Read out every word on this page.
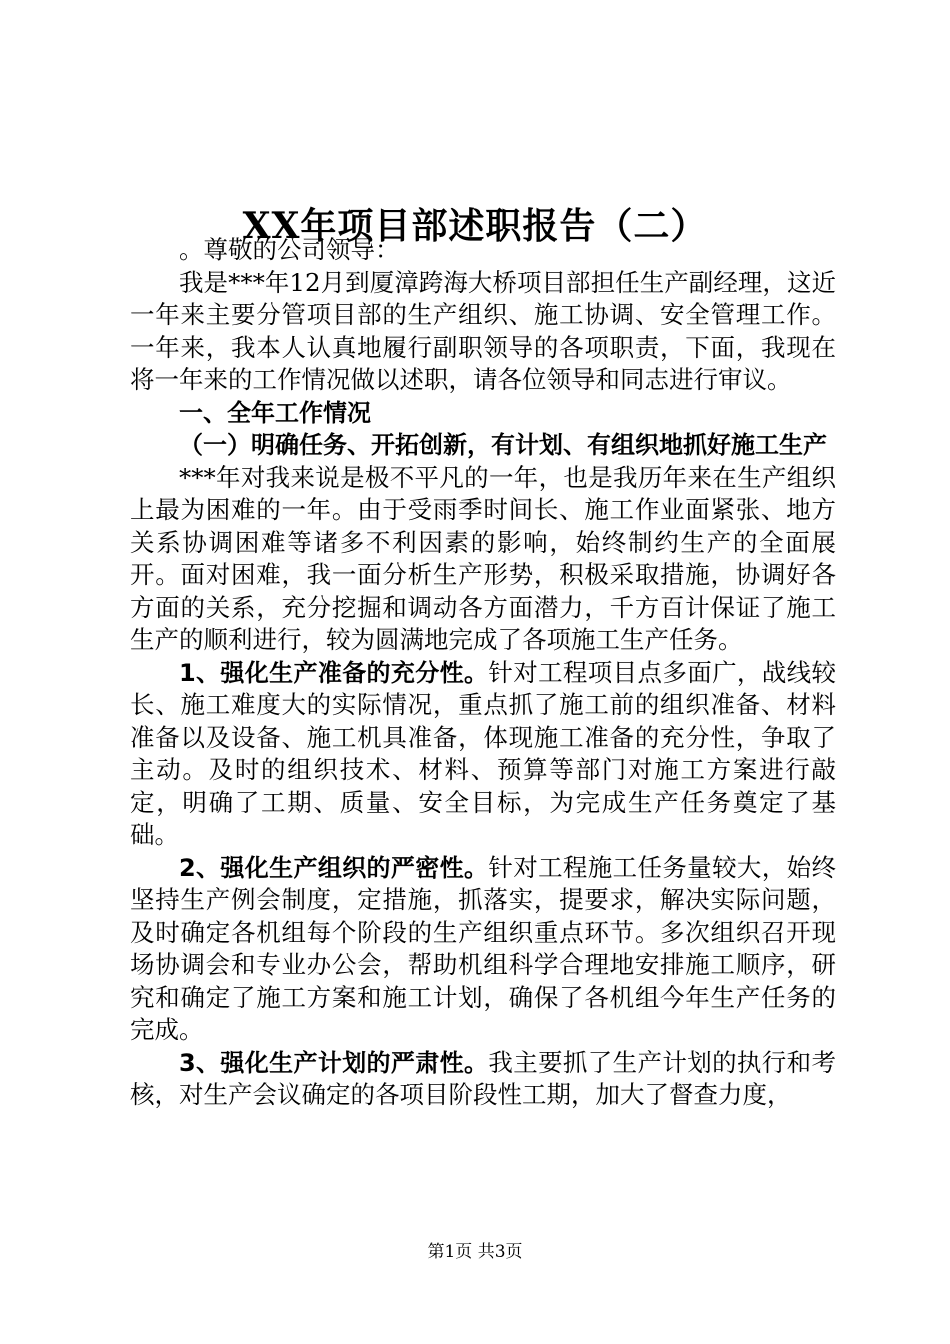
XX年项目部述职报告（二）

。尊敬的公司领导：

我是***年12月到厦漳跨海大桥项目部担任生产副经理，这近一年来主要分管项目部的生产组织、施工协调、安全管理工作。一年来，我本人认真地履行副职领导的各项职责，下面，我现在将一年来的工作情况做以述职，请各位领导和同志进行审议。

一、全年工作情况

（一）明确任务、开拓创新，有计划、有组织地抓好施工生产

***年对我来说是极不平凡的一年，也是我历年来在生产组织上最为困难的一年。由于受雨季时间长、施工作业面紧张、地方关系协调困难等诸多不利因素的影响，始终制约生产的全面展开。面对困难，我一面分析生产形势，积极采取措施，协调好各方面的关系，充分挖掘和调动各方面潜力，千方百计保证了施工生产的顺利进行，较为圆满地完成了各项施工生产任务。

1、强化生产准备的充分性。针对工程项目点多面广，战线较长、施工难度大的实际情况，重点抓了施工前的组织准备、材料准备以及设备、施工机具准备，体现施工准备的充分性，争取了主动。及时的组织技术、材料、预算等部门对施工方案进行敲定，明确了工期、质量、安全目标，为完成生产任务奠定了基础。

2、强化生产组织的严密性。针对工程施工任务量较大，始终坚持生产例会制度，定措施，抓落实，提要求，解决实际问题，及时确定各机组每个阶段的生产组织重点环节。多次组织召开现场协调会和专业办公会，帮助机组科学合理地安排施工顺序，研究和确定了施工方案和施工计划，确保了各机组今年生产任务的完成。

3、强化生产计划的严肃性。我主要抓了生产计划的执行和考核，对生产会议确定的各项目阶段性工期，加大了督查力度，

第1页 共3页
